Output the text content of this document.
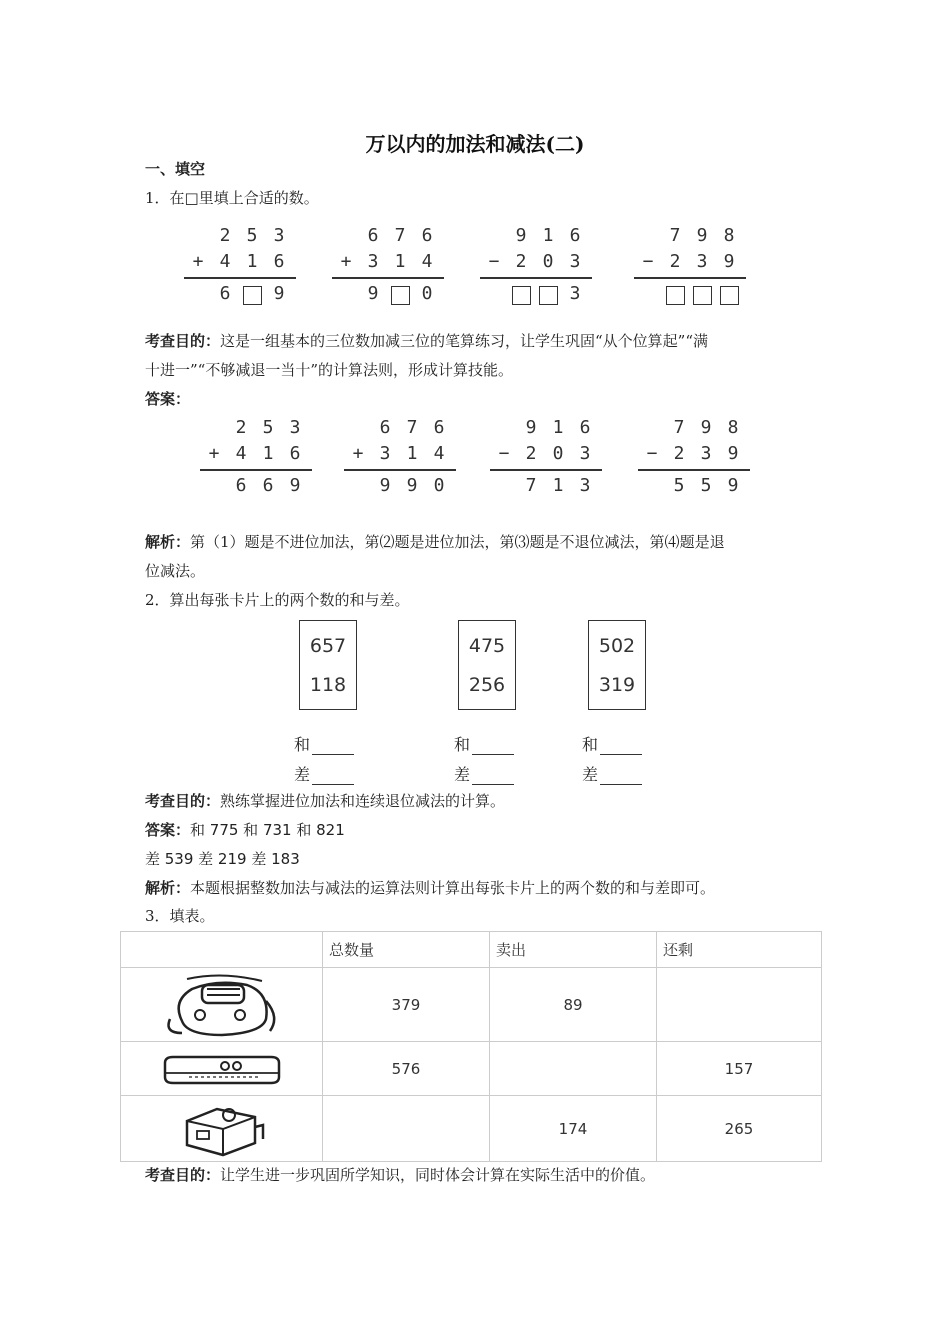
万以内的加法和减法(二)
一、填空
1．在□里填上合适的数。
2 5 3
4 1 6
6	9
+
6 7 6
3 1 4
9	0
+
9 1 6
2 0 3
3
−
7 9 8
2 3 9
−
考查目的：这是一组基本的三位数加减三位的笔算练习，让学生巩固“从个位算起”“满
十进一”“不够减退一当十”的计算法则，形成计算技能。
答案：
2 5 3
4 1 6
6 6 9
+
6 7 6
3 1 4
9 9 0
+
9 1 6
2 0 3
7 1 3
−
7 9 8
2 3 9
5 5 9
−
解析：第（1）题是不进位加法，第⑵题是进位加法，第⑶题是不退位减法，第⑷题是退
位减法。
2．算出每张卡片上的两个数的和与差。
657
118
475
256
502
319
和	和	和
差	差	差
考查目的：熟练掌握进位加法和连续退位减法的计算。
答案：和 775 和 731 和 821
差 539 差 219 差 183
解析：本题根据整数加法与减法的运算法则计算出每张卡片上的两个数的和与差即可。
3．填表。
	总数量	卖出	还剩

	379	89	

	576		157

		174	265
考查目的：让学生进一步巩固所学知识，同时体会计算在实际生活中的价值。
